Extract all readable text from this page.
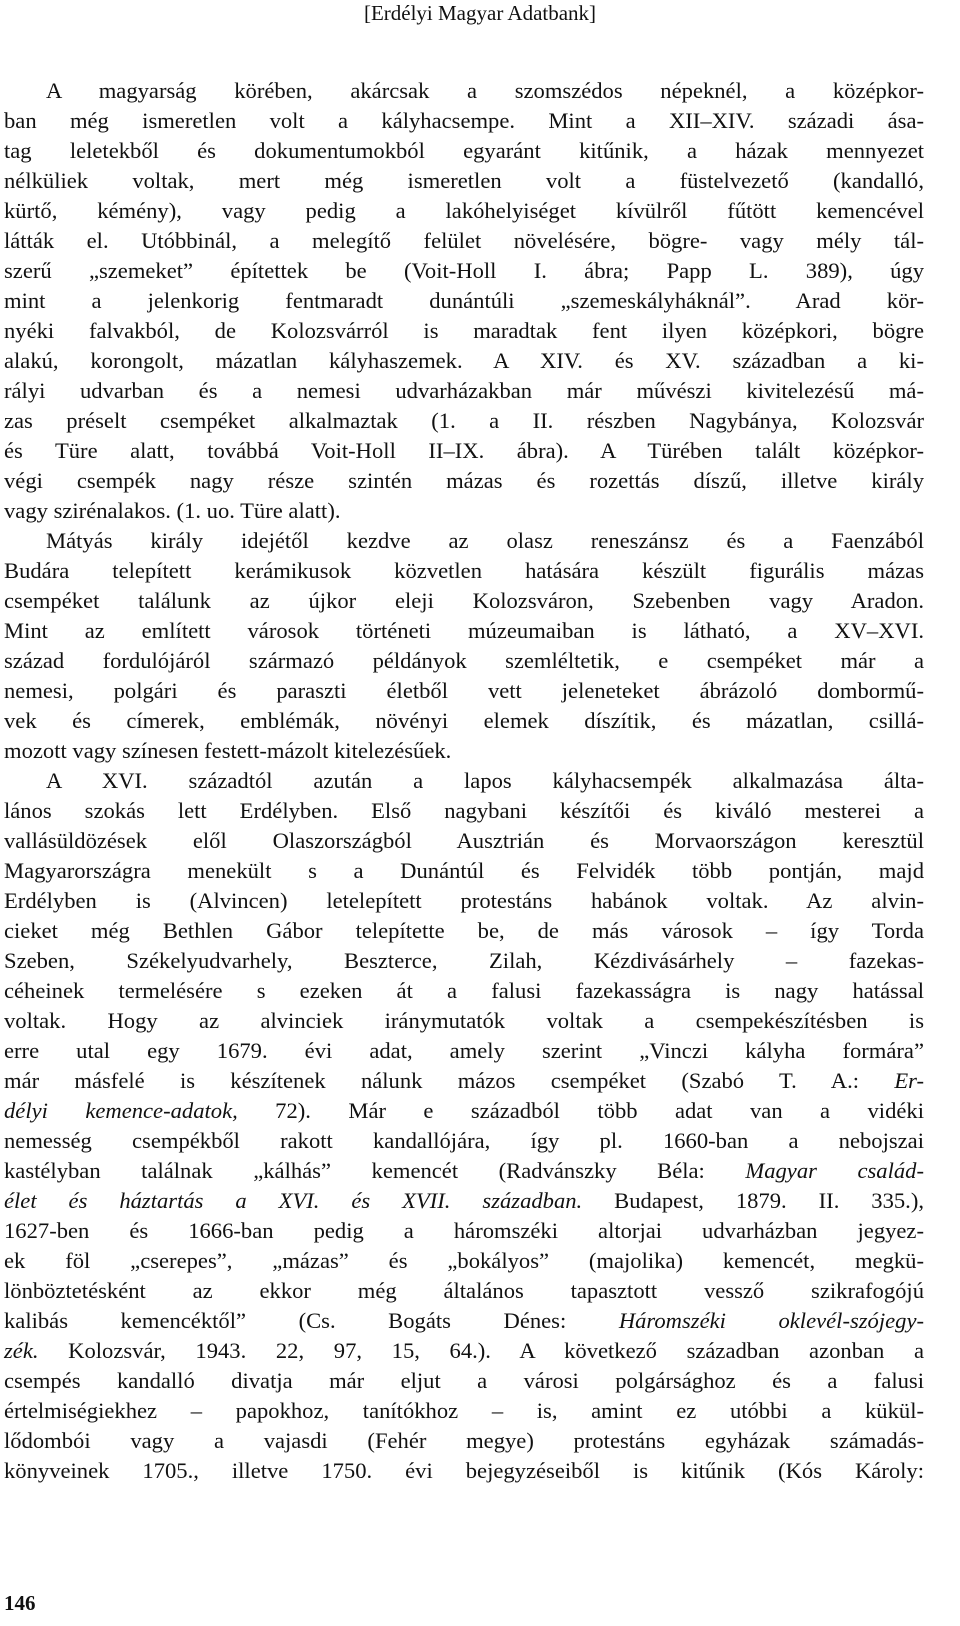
[Erdélyi Magyar Adatbank]
A magyarság körében, akárcsak a szomszédos népeknél, a középkor-
ban még ismeretlen volt a kályhacsempe. Mint a XII–XIV. századi ása-
tag leletekből és dokumentumokból egyaránt kitűnik, a házak mennyezet
nélküliek voltak, mert még ismeretlen volt a füstelvezető (kandalló,
kürtő, kémény), vagy pedig a lakóhelyiséget kívülről fűtött kemencével
látták el. Utóbbinál, a melegítő felület növelésére, bögre- vagy mély tál-
szerű „szemeket” építettek be (Voit-Holl I. ábra; Papp L. 389), úgy
mint a jelenkorig fentmaradt dunántúli „szemeskályháknál”. Arad kör-
nyéki falvakból, de Kolozsvárról is maradtak fent ilyen középkori, bögre
alakú, korongolt, mázatlan kályhaszemek. A XIV. és XV. században a ki-
rályi udvarban és a nemesi udvarházakban már művészi kivitelezésű má-
zas préselt csempéket alkalmaztak (1. a II. részben Nagybánya, Kolozsvár
és Türe alatt, továbbá Voit-Holl II–IX. ábra). A Türében talált középkor-
végi csempék nagy része szintén mázas és rozettás díszű, illetve király
vagy szirénalakos. (1. uo. Türe alatt).
Mátyás király idejétől kezdve az olasz reneszánsz és a Faenzából
Budára telepített kerámikusok közvetlen hatására készült figurális mázas
csempéket találunk az újkor eleji Kolozsváron, Szebenben vagy Aradon.
Mint az említett városok történeti múzeumaiban is látható, a XV–XVI.
század fordulójáról származó példányok szemléltetik, e csempéket már a
nemesi, polgári és paraszti életből vett jeleneteket ábrázoló dombormű-
vek és címerek, emblémák, növényi elemek díszítik, és mázatlan, csillá-
mozott vagy színesen festett-mázolt kitelezésűek.
A XVI. századtól azután a lapos kályhacsempék alkalmazása álta-
lános szokás lett Erdélyben. Első nagybani készítői és kiváló mesterei a
vallásüldözések elől Olaszországból Ausztrián és Morvaországon keresztül
Magyarországra menekült s a Dunántúl és Felvidék több pontján, majd
Erdélyben is (Alvincen) letelepített protestáns habánok voltak. Az alvin-
cieket még Bethlen Gábor telepítette be, de más városok – így Torda
Szeben, Székelyudvarhely, Beszterce, Zilah, Kézdivásárhely – fazekas-
céheinek termelésére s ezeken át a falusi fazekasságra is nagy hatással
voltak. Hogy az alvinciek iránymutatók voltak a csempekészítésben is
erre utal egy 1679. évi adat, amely szerint „Vinczi kályha formára”
már másfelé is készítenek nálunk mázos csempéket (Szabó T. A.: Er-
délyi kemence-adatok, 72). Már e századból több adat van a vidéki
nemesség csempékből rakott kandallójára, így pl. 1660-ban a nebojszai
kastélyban találnak „kálhás” kemencét (Radvánszky Béla: Magyar család-
élet és háztartás a XVI. és XVII. században. Budapest, 1879. II. 335.),
1627-ben és 1666-ban pedig a háromszéki altorjai udvarházban jegyez-
ek föl „cserepes”, „mázas” és „bokályos” (majolika) kemencét, megkü-
lönböztetésként az ekkor még általános tapasztott vessző szikrafogójú
kalibás kemencéktől” (Cs. Bogáts Dénes: Háromszéki oklevél-szójegy-
zék. Kolozsvár, 1943. 22, 97, 15, 64.). A következő században azonban a
csempés kandalló divatja már eljut a városi polgársághoz és a falusi
értelmiségiekhez – papokhoz, tanítókhoz – is, amint ez utóbbi a kükül-
lődombói vagy a vajasdi (Fehér megye) protestáns egyházak számadás-
könyveinek 1705., illetve 1750. évi bejegyzéseiből is kitűnik (Kós Károly:
146
